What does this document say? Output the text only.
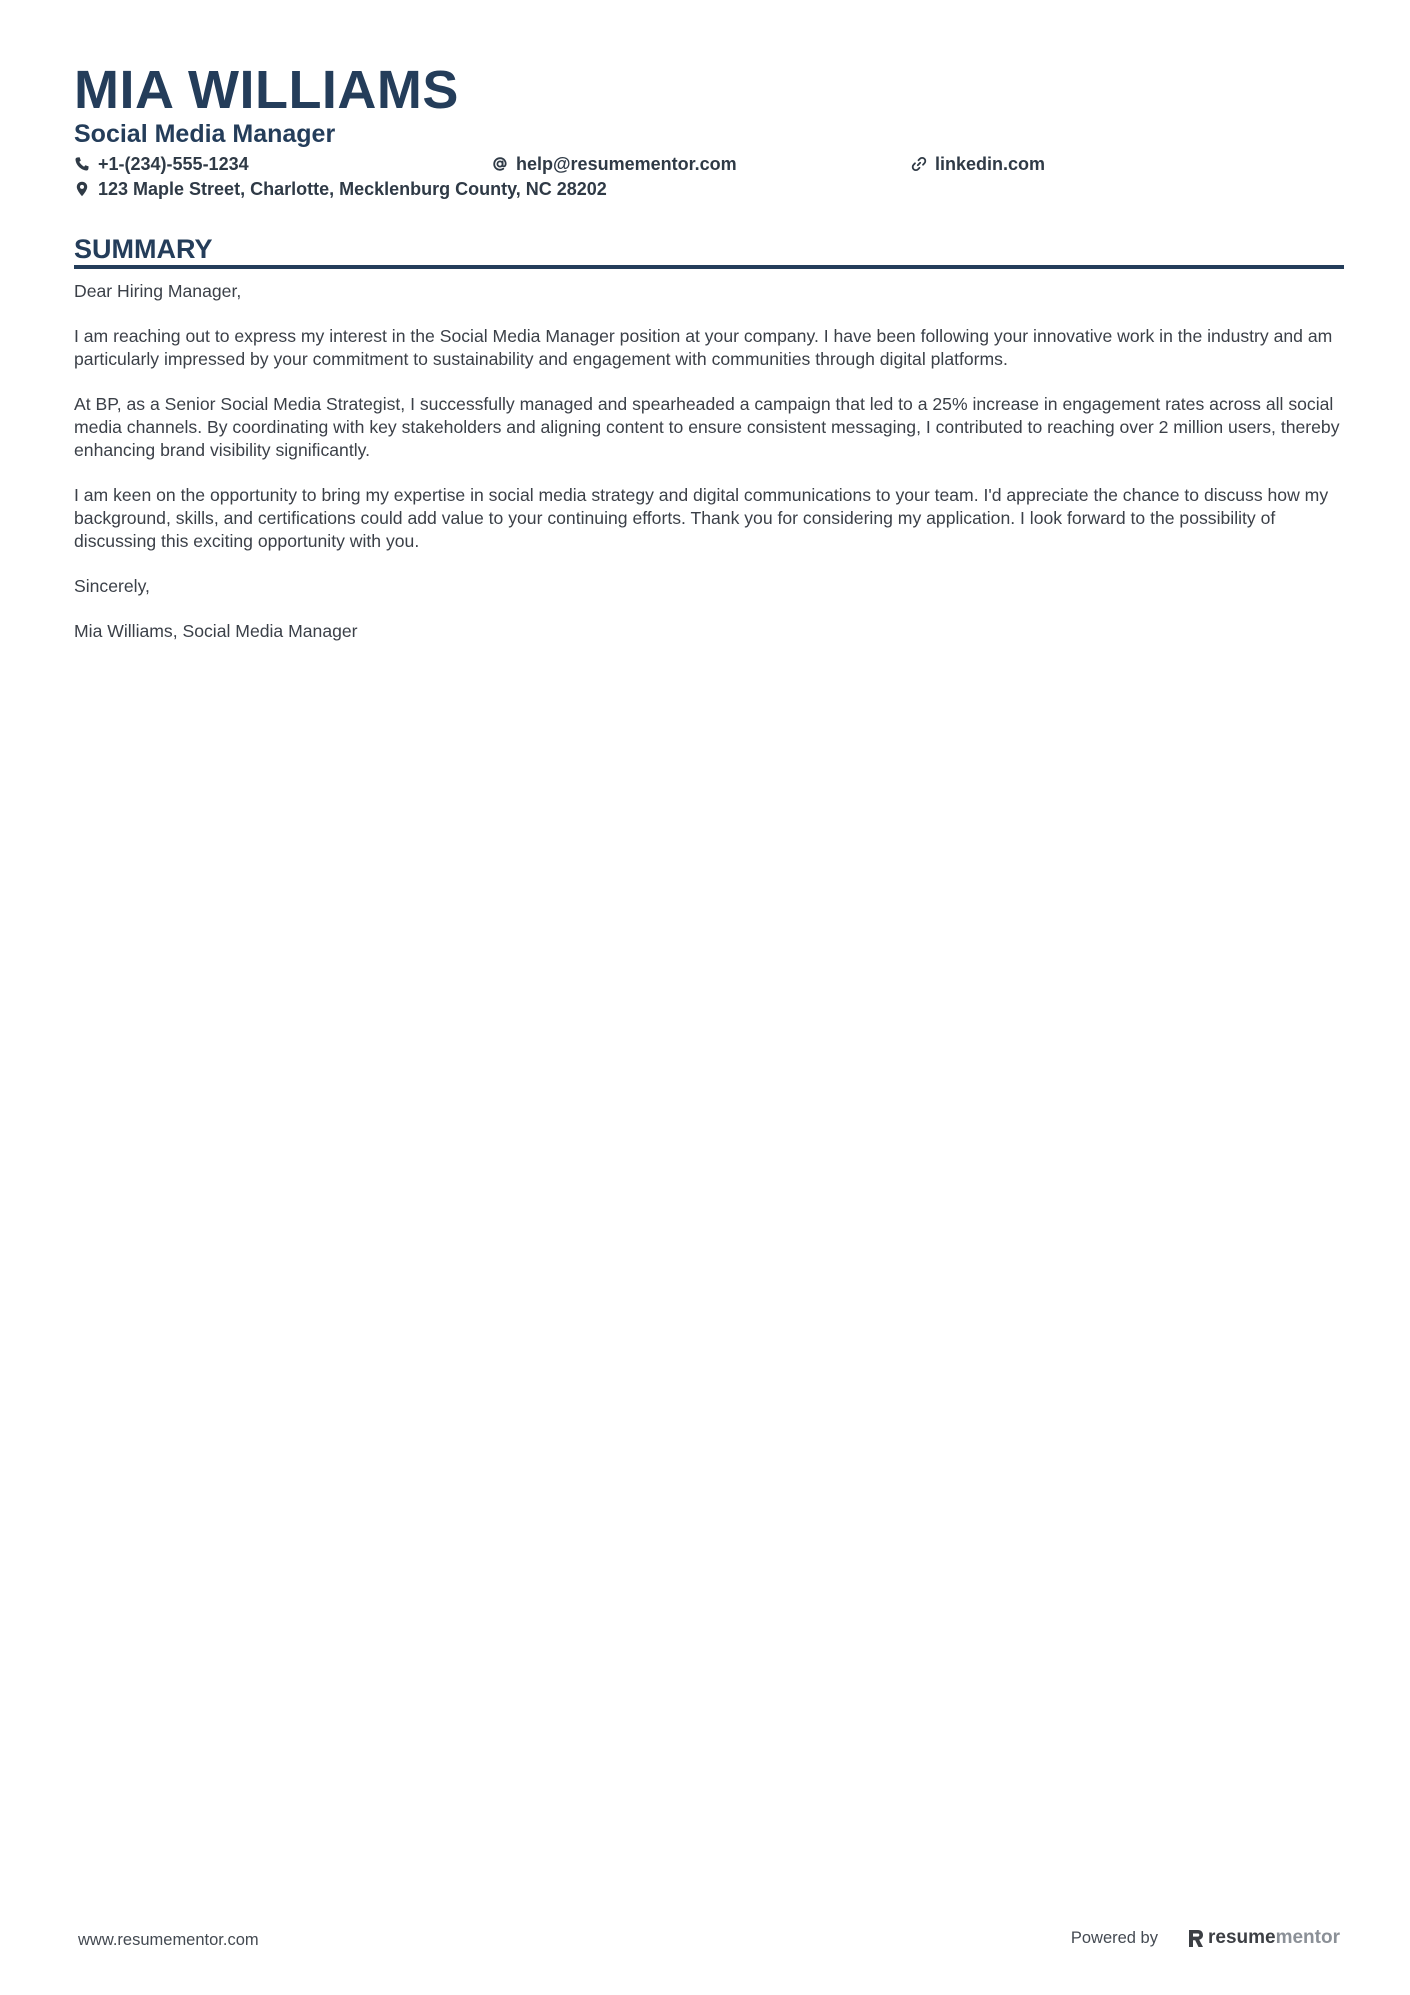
MIA WILLIAMS
Social Media Manager
+1-(234)-555-1234	help@resumementor.com	linkedin.com
123 Maple Street, Charlotte, Mecklenburg County, NC 28202
SUMMARY

Dear Hiring Manager,

I am reaching out to express my interest in the Social Media Manager position at your company. I have been following your innovative work in the industry and am particularly impressed by your commitment to sustainability and engagement with communities through digital platforms.

At BP, as a Senior Social Media Strategist, I successfully managed and spearheaded a campaign that led to a 25% increase in engagement rates across all social media channels. By coordinating with key stakeholders and aligning content to ensure consistent messaging, I contributed to reaching over 2 million users, thereby enhancing brand visibility significantly.

I am keen on the opportunity to bring my expertise in social media strategy and digital communications to your team. I'd appreciate the chance to discuss how my background, skills, and certifications could add value to your continuing efforts. Thank you for considering my application. I look forward to the possibility of discussing this exciting opportunity with you.

Sincerely,

Mia Williams, Social Media Manager

www.resumementor.com	Powered by	resume mentor
